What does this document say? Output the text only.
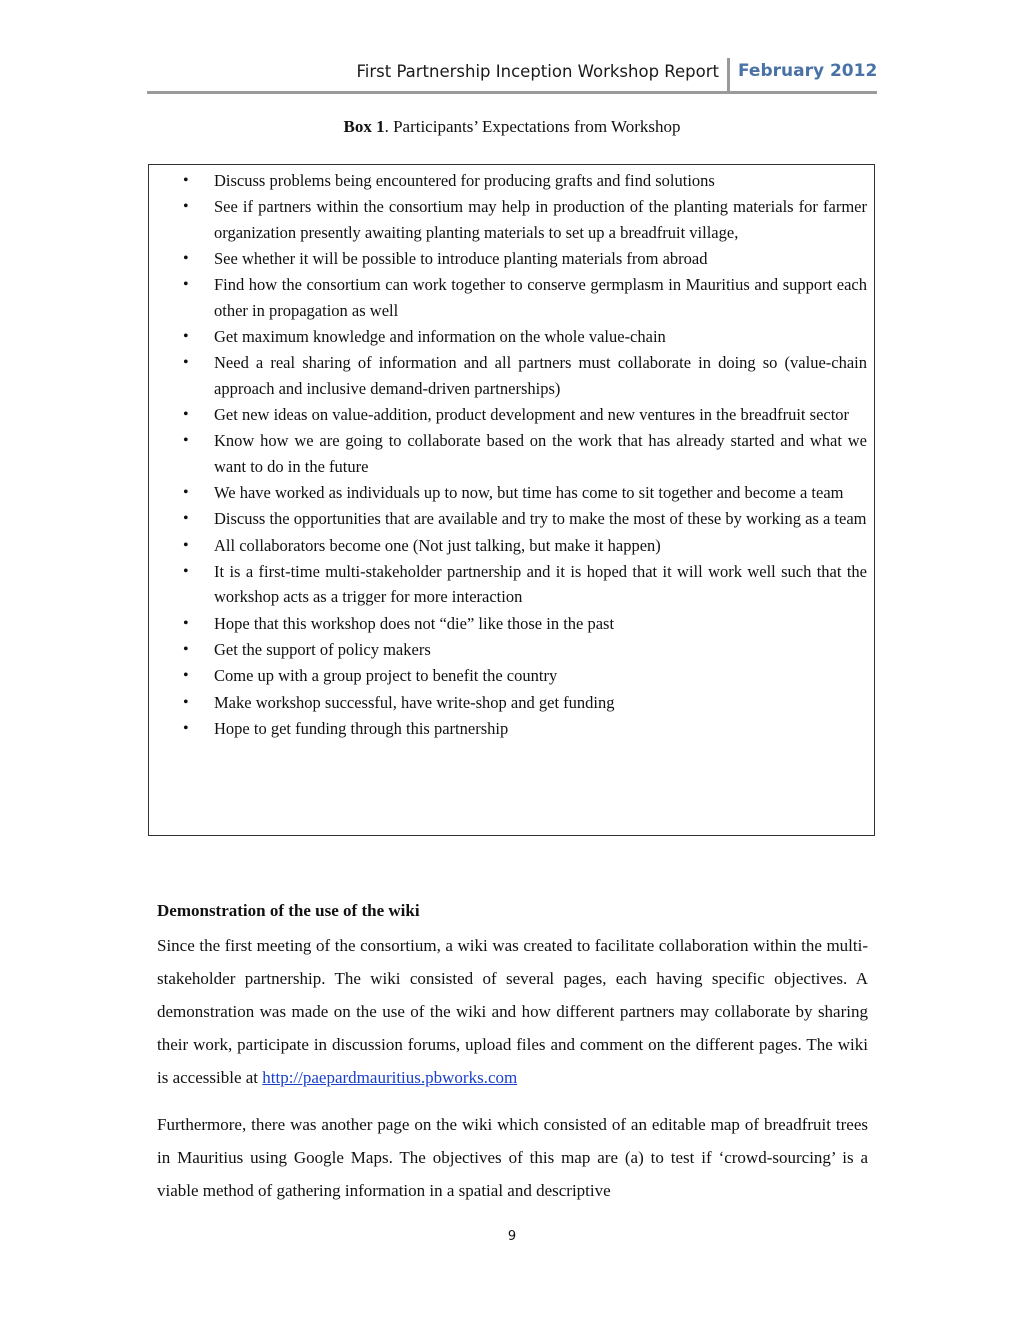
First Partnership Inception Workshop Report February 2012
Box 1. Participants’ Expectations from Workshop
• Discuss problems being encountered for producing grafts and find solutions
• See if partners within the consortium may help in production of the planting materials for farmer organization presently awaiting planting materials to set up a breadfruit village,
• See whether it will be possible to introduce planting materials from abroad
• Find how the consortium can work together to conserve germplasm in Mauritius and support each other in propagation as well
• Get maximum knowledge and information on the whole value-chain
• Need a real sharing of information and all partners must collaborate in doing so (value-chain approach and inclusive demand-driven partnerships)
• Get new ideas on value-addition, product development and new ventures in the breadfruit sector
• Know how we are going to collaborate based on the work that has already started and what we want to do in the future
• We have worked as individuals up to now, but time has come to sit together and become a team
• Discuss the opportunities that are available and try to make the most of these by working as a team
• All collaborators become one (Not just talking, but make it happen)
• It is a first-time multi-stakeholder partnership and it is hoped that it will work well such that the workshop acts as a trigger for more interaction
• Hope that this workshop does not “die” like those in the past
• Get the support of policy makers
• Come up with a group project to benefit the country
• Make workshop successful, have write-shop and get funding
• Hope to get funding through this partnership
Demonstration of the use of the wiki
Since the first meeting of the consortium, a wiki was created to facilitate collaboration within the multi-stakeholder partnership. The wiki consisted of several pages, each having specific objectives. A demonstration was made on the use of the wiki and how different partners may collaborate by sharing their work, participate in discussion forums, upload files and comment on the different pages. The wiki is accessible at http://paepardmauritius.pbworks.com
Furthermore, there was another page on the wiki which consisted of an editable map of breadfruit trees in Mauritius using Google Maps. The objectives of this map are (a) to test if ‘crowd-sourcing’ is a viable method of gathering information in a spatial and descriptive
9
